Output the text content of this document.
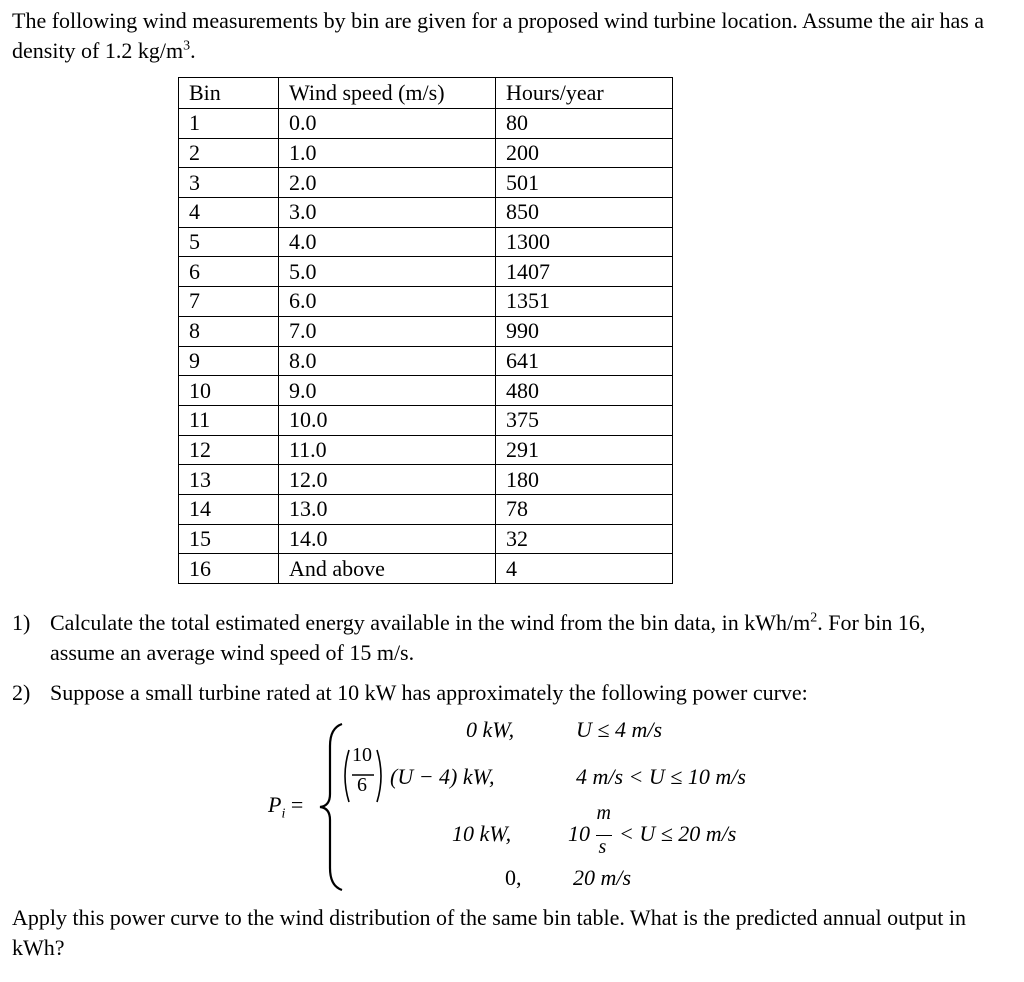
The following wind measurements by bin are given for a proposed wind turbine location. Assume the air has a density of 1.2 $kg/m^3$.
Bin	Wind speed (m/s)	Hours/year
1	0.0	80
2	1.0	200
3	2.0	501
4	3.0	850
5	4.0	1300
6	5.0	1407
7	6.0	1351
8	7.0	990
9	8.0	641
10	9.0	480
11	10.0	375
12	11.0	291
13	12.0	180
14	13.0	78
15	14.0	32
16	And above	4
1) Calculate the total estimated energy available in the wind from the bin data, in kWh/$m^2$. For bin 16, assume an average wind speed of 15 m/s.
2) Suppose a small turbine rated at 10 kW has approximately the following power curve:
$P_i$ =
0 kW,	U ≤ 4 m/s
10
6 (U − 4) kW,	4 m/s < U ≤ 10 m/s
10 kW,	$10 \frac{m}{s} < U \le 20$ m/s
0, 20 m/s
Apply this power curve to the wind distribution of the same bin table. What is the predicted annual output in kWh?
